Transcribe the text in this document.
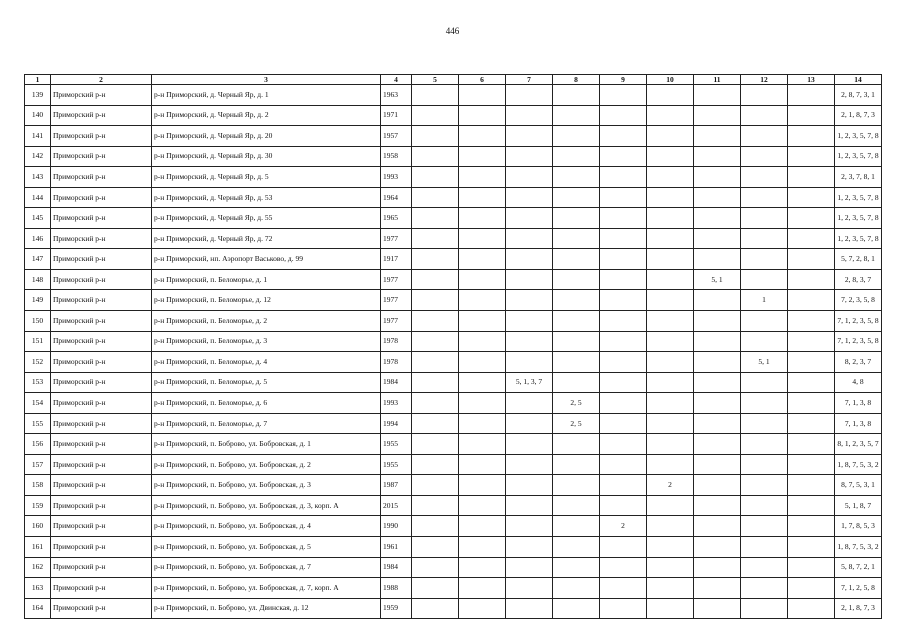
446
1	2	3	4	5	6	7	8	9	10	11	12	13	14
139	Приморский р-н	р-н Приморский, д. Черный Яр, д. 1	1963										2, 8, 7, 3, 1
140	Приморский р-н	р-н Приморский, д. Черный Яр, д. 2	1971										2, 1, 8, 7, 3
141	Приморский р-н	р-н Приморский, д. Черный Яр, д. 20	1957										1, 2, 3, 5, 7, 8
142	Приморский р-н	р-н Приморский, д. Черный Яр, д. 30	1958										1, 2, 3, 5, 7, 8
143	Приморский р-н	р-н Приморский, д. Черный Яр, д. 5	1993										2, 3, 7, 8, 1
144	Приморский р-н	р-н Приморский, д. Черный Яр, д. 53	1964										1, 2, 3, 5, 7, 8
145	Приморский р-н	р-н Приморский, д. Черный Яр, д. 55	1965										1, 2, 3, 5, 7, 8
146	Приморский р-н	р-н Приморский, д. Черный Яр, д. 72	1977										1, 2, 3, 5, 7, 8
147	Приморский р-н	р-н Приморский, нп. Аэропорт Васьково, д. 99	1917										5, 7, 2, 8, 1
148	Приморский р-н	р-н Приморский, п. Беломорье, д. 1	1977							5, 1			2, 8, 3, 7
149	Приморский р-н	р-н Приморский, п. Беломорье, д. 12	1977								1		7, 2, 3, 5, 8
150	Приморский р-н	р-н Приморский, п. Беломорье, д. 2	1977										7, 1, 2, 3, 5, 8
151	Приморский р-н	р-н Приморский, п. Беломорье, д. 3	1978										7, 1, 2, 3, 5, 8
152	Приморский р-н	р-н Приморский, п. Беломорье, д. 4	1978								5, 1		8, 2, 3, 7
153	Приморский р-н	р-н Приморский, п. Беломорье, д. 5	1984			5, 1, 3, 7							4, 8
154	Приморский р-н	р-н Приморский, п. Беломорье, д. 6	1993				2, 5						7, 1, 3, 8
155	Приморский р-н	р-н Приморский, п. Беломорье, д. 7	1994				2, 5						7, 1, 3, 8
156	Приморский р-н	р-н Приморский, п. Боброво, ул. Бобровская, д. 1	1955										8, 1, 2, 3, 5, 7
157	Приморский р-н	р-н Приморский, п. Боброво, ул. Бобровская, д. 2	1955										1, 8, 7, 5, 3, 2
158	Приморский р-н	р-н Приморский, п. Боброво, ул. Бобровская, д. 3	1987						2				8, 7, 5, 3, 1
159	Приморский р-н	р-н Приморский, п. Боброво, ул. Бобровская, д. 3, корп. А	2015										5, 1, 8, 7
160	Приморский р-н	р-н Приморский, п. Боброво, ул. Бобровская, д. 4	1990					2					1, 7, 8, 5, 3
161	Приморский р-н	р-н Приморский, п. Боброво, ул. Бобровская, д. 5	1961										1, 8, 7, 5, 3, 2
162	Приморский р-н	р-н Приморский, п. Боброво, ул. Бобровская, д. 7	1984										5, 8, 7, 2, 1
163	Приморский р-н	р-н Приморский, п. Боброво, ул. Бобровская, д. 7, корп. А	1988										7, 1, 2, 5, 8
164	Приморский р-н	р-н Приморский, п. Боброво, ул. Двинская, д. 12	1959										2, 1, 8, 7, 3
